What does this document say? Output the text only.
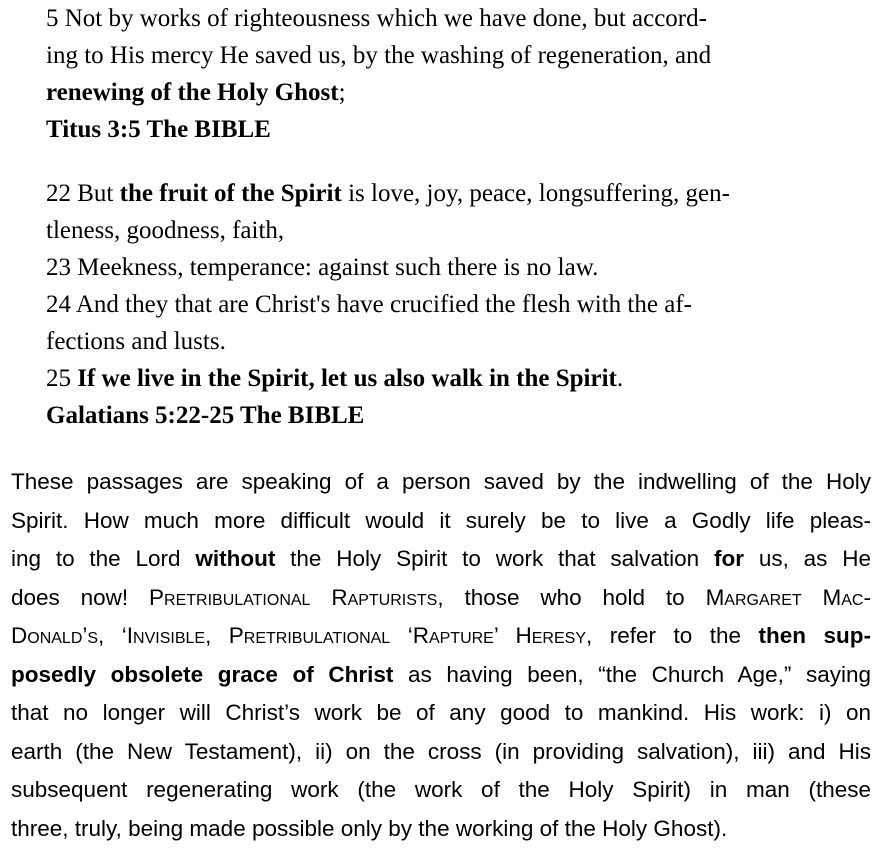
5 Not by works of righteousness which we have done, but accord-
ing to His mercy He saved us, by the washing of regeneration, and
renewing of the Holy Ghost;
Titus 3:5 The BIBLE
22 But the fruit of the Spirit is love, joy, peace, longsuffering, gen-
tleness, goodness, faith,
23 Meekness, temperance: against such there is no law.
24 And they that are Christ's have crucified the flesh with the af-
fections and lusts.
25 If we live in the Spirit, let us also walk in the Spirit.
Galatians 5:22-25 The BIBLE
These passages are speaking of a person saved by the indwelling of the Holy
Spirit. How much more difficult would it surely be to live a Godly life pleas-
ing to the Lord without the Holy Spirit to work that salvation for us, as He
does now! Pretribulational Rapturists, those who hold to Margaret Mac-
Donald’s, ‘Invisible, Pretribulational ‘Rapture’ Heresy, refer to the then sup-
posedly obsolete grace of Christ as having been, “the Church Age,” saying
that no longer will Christ’s work be of any good to mankind. His work: i) on
earth (the New Testament), ii) on the cross (in providing salvation), iii) and His
subsequent regenerating work (the work of the Holy Spirit) in man (these
three, truly, being made possible only by the working of the Holy Ghost).
